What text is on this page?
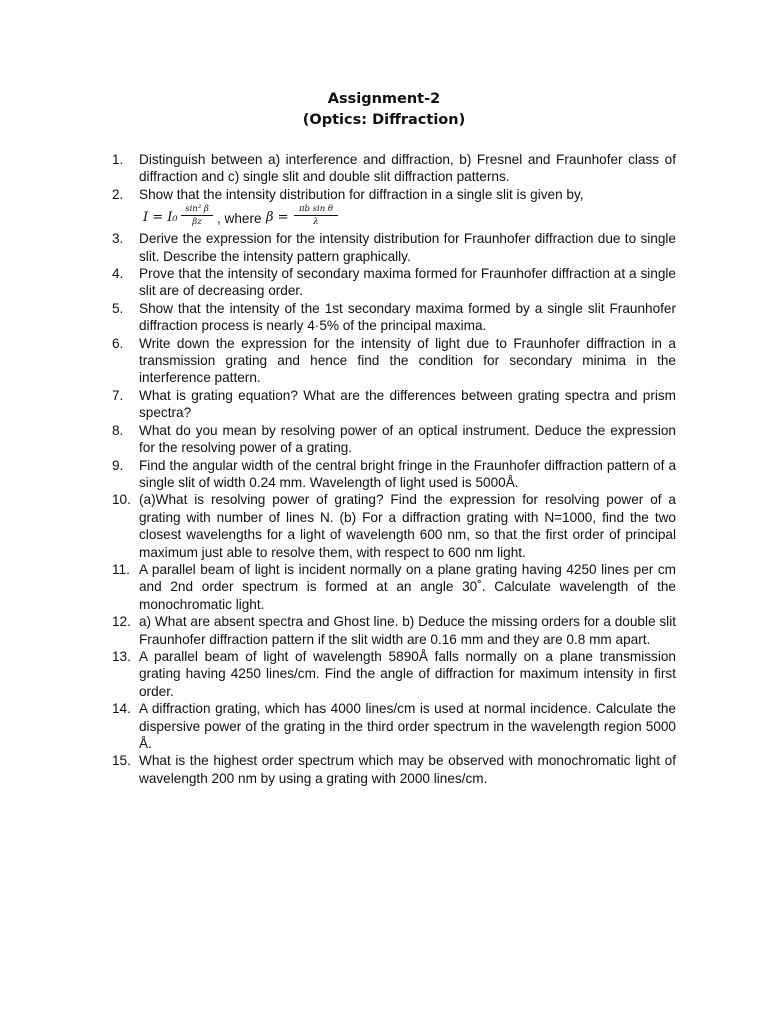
Assignment-2
(Optics: Diffraction)
1.	Distinguish between a) interference and diffraction, b) Fresnel and Fraunhofer class of diffraction and c) single slit and double slit diffraction patterns.
2.	Show that the intensity distribution for diffraction in a single slit is given by,
$I = I_0 \frac{\text{sin² β}}{\beta z}$ , where $\beta = \frac{\text{πb sin θ}}{\lambda}$
3.	Derive the expression for the intensity distribution for Fraunhofer diffraction due to single slit. Describe the intensity pattern graphically.
4.	Prove that the intensity of secondary maxima formed for Fraunhofer diffraction at a single slit are of decreasing order.
5.	Show that the intensity of the 1st secondary maxima formed by a single slit Fraunhofer diffraction process is nearly 4·5% of the principal maxima.
6.	Write down the expression for the intensity of light due to Fraunhofer diffraction in a transmission grating and hence find the condition for secondary minima in the interference pattern.
7.	What is grating equation? What are the differences between grating spectra and prism spectra?
8.	What do you mean by resolving power of an optical instrument. Deduce the expression for the resolving power of a grating.
9.	Find the angular width of the central bright fringe in the Fraunhofer diffraction pattern of a single slit of width 0.24 mm. Wavelength of light used is 5000Å.
10. (a)What is resolving power of grating? Find the expression for resolving power of a grating with number of lines N. (b) For a diffraction grating with N=1000, find the two closest wavelengths for a light of wavelength 600 nm, so that the first order of principal maximum just able to resolve them, with respect to 600 nm light.
11. A parallel beam of light is incident normally on a plane grating having 4250 lines per cm and 2nd order spectrum is formed at an angle 30˚. Calculate wavelength of the monochromatic light.
12. a) What are absent spectra and Ghost line. b) Deduce the missing orders for a double slit Fraunhofer diffraction pattern if the slit width are 0.16 mm and they are 0.8 mm apart.
13. A parallel beam of light of wavelength 5890Å falls normally on a plane transmission grating having 4250 lines/cm. Find the angle of diffraction for maximum intensity in first order.
14. A diffraction grating, which has 4000 lines/cm is used at normal incidence. Calculate the dispersive power of the grating in the third order spectrum in the wavelength region 5000 Å.
15. What is the highest order spectrum which may be observed with monochromatic light of wavelength 200 nm by using a grating with 2000 lines/cm.
